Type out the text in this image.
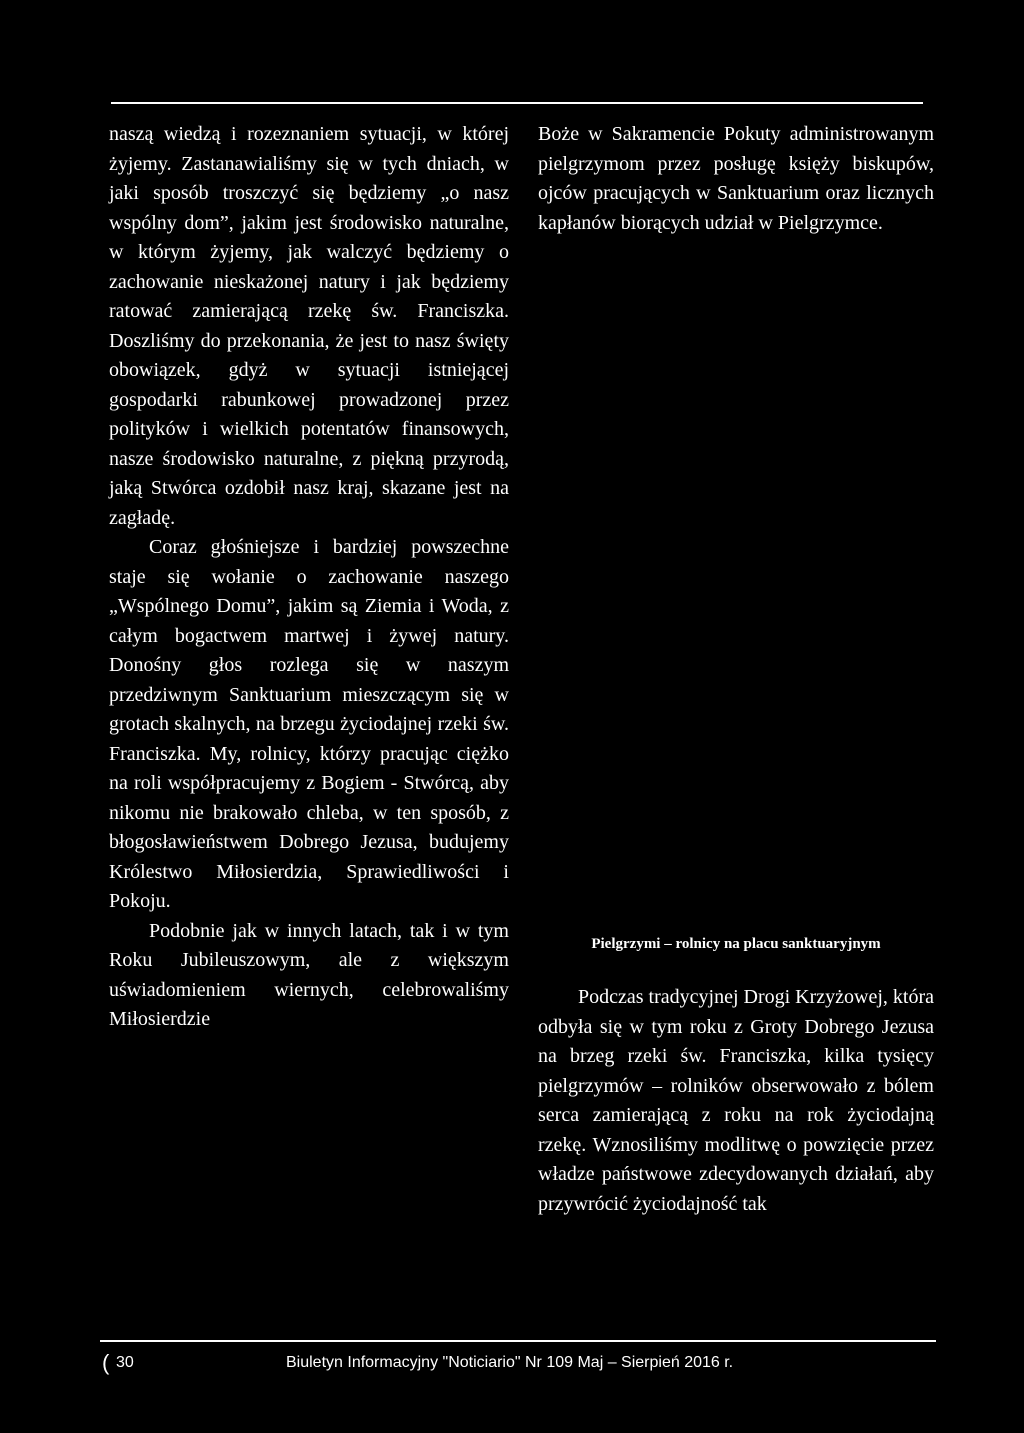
naszą wiedzą i rozeznaniem sytuacji, w której żyjemy. Zastanawialiśmy się w tych dniach, w jaki sposób troszczyć się będziemy „o nasz wspólny dom”, jakim jest środowisko naturalne, w którym żyjemy, jak walczyć będziemy o zachowanie nieskażonej natury i jak będziemy ratować zamierającą rzekę św. Franciszka. Doszliśmy do przekonania, że jest to nasz święty obowiązek, gdyż w sytuacji istniejącej gospodarki rabunkowej prowadzonej przez polityków i wielkich potentatów finansowych, nasze środowisko naturalne, z piękną przyrodą, jaką Stwórca ozdobił nasz kraj, skazane jest na zagładę.

Coraz głośniejsze i bardziej powszechne staje się wołanie o zachowanie naszego „Wspólnego Domu”, jakim są Ziemia i Woda, z całym bogactwem martwej i żywej natury. Donośny głos rozlega się w naszym przedziwnym Sanktuarium mieszczącym się w grotach skalnych, na brzegu życiodajnej rzeki św. Franciszka. My, rolnicy, którzy pracując ciężko na roli współpracujemy z Bogiem - Stwórcą, aby nikomu nie brakowało chleba, w ten sposób, z błogosławieństwem Dobrego Jezusa, budujemy Królestwo Miłosierdzia, Sprawiedliwości i Pokoju.

Podobnie jak w innych latach, tak i w tym Roku Jubileuszowym, ale z większym uświadomieniem wiernych, celebrowaliśmy Miłosierdzie

Boże w Sakramencie Pokuty administrowanym pielgrzymom przez posługę księży biskupów, ojców pracujących w Sanktuarium oraz licznych kapłanów biorących udział w Pielgrzymce.

Pielgrzymi – rolnicy na placu sanktuaryjnym

Podczas tradycyjnej Drogi Krzyżowej, która odbyła się w tym roku z Groty Dobrego Jezusa na brzeg rzeki św. Franciszka, kilka tysięcy pielgrzymów – rolników obserwowało z bólem serca zamierającą z roku na rok życiodajną rzekę. Wznosiliśmy modlitwę o powzięcie przez władze państwowe zdecydowanych działań, aby przywrócić życiodajność tak

( 30	Biuletyn Informacyjny "Noticiario" Nr 109 Maj – Sierpień 2016 r.
